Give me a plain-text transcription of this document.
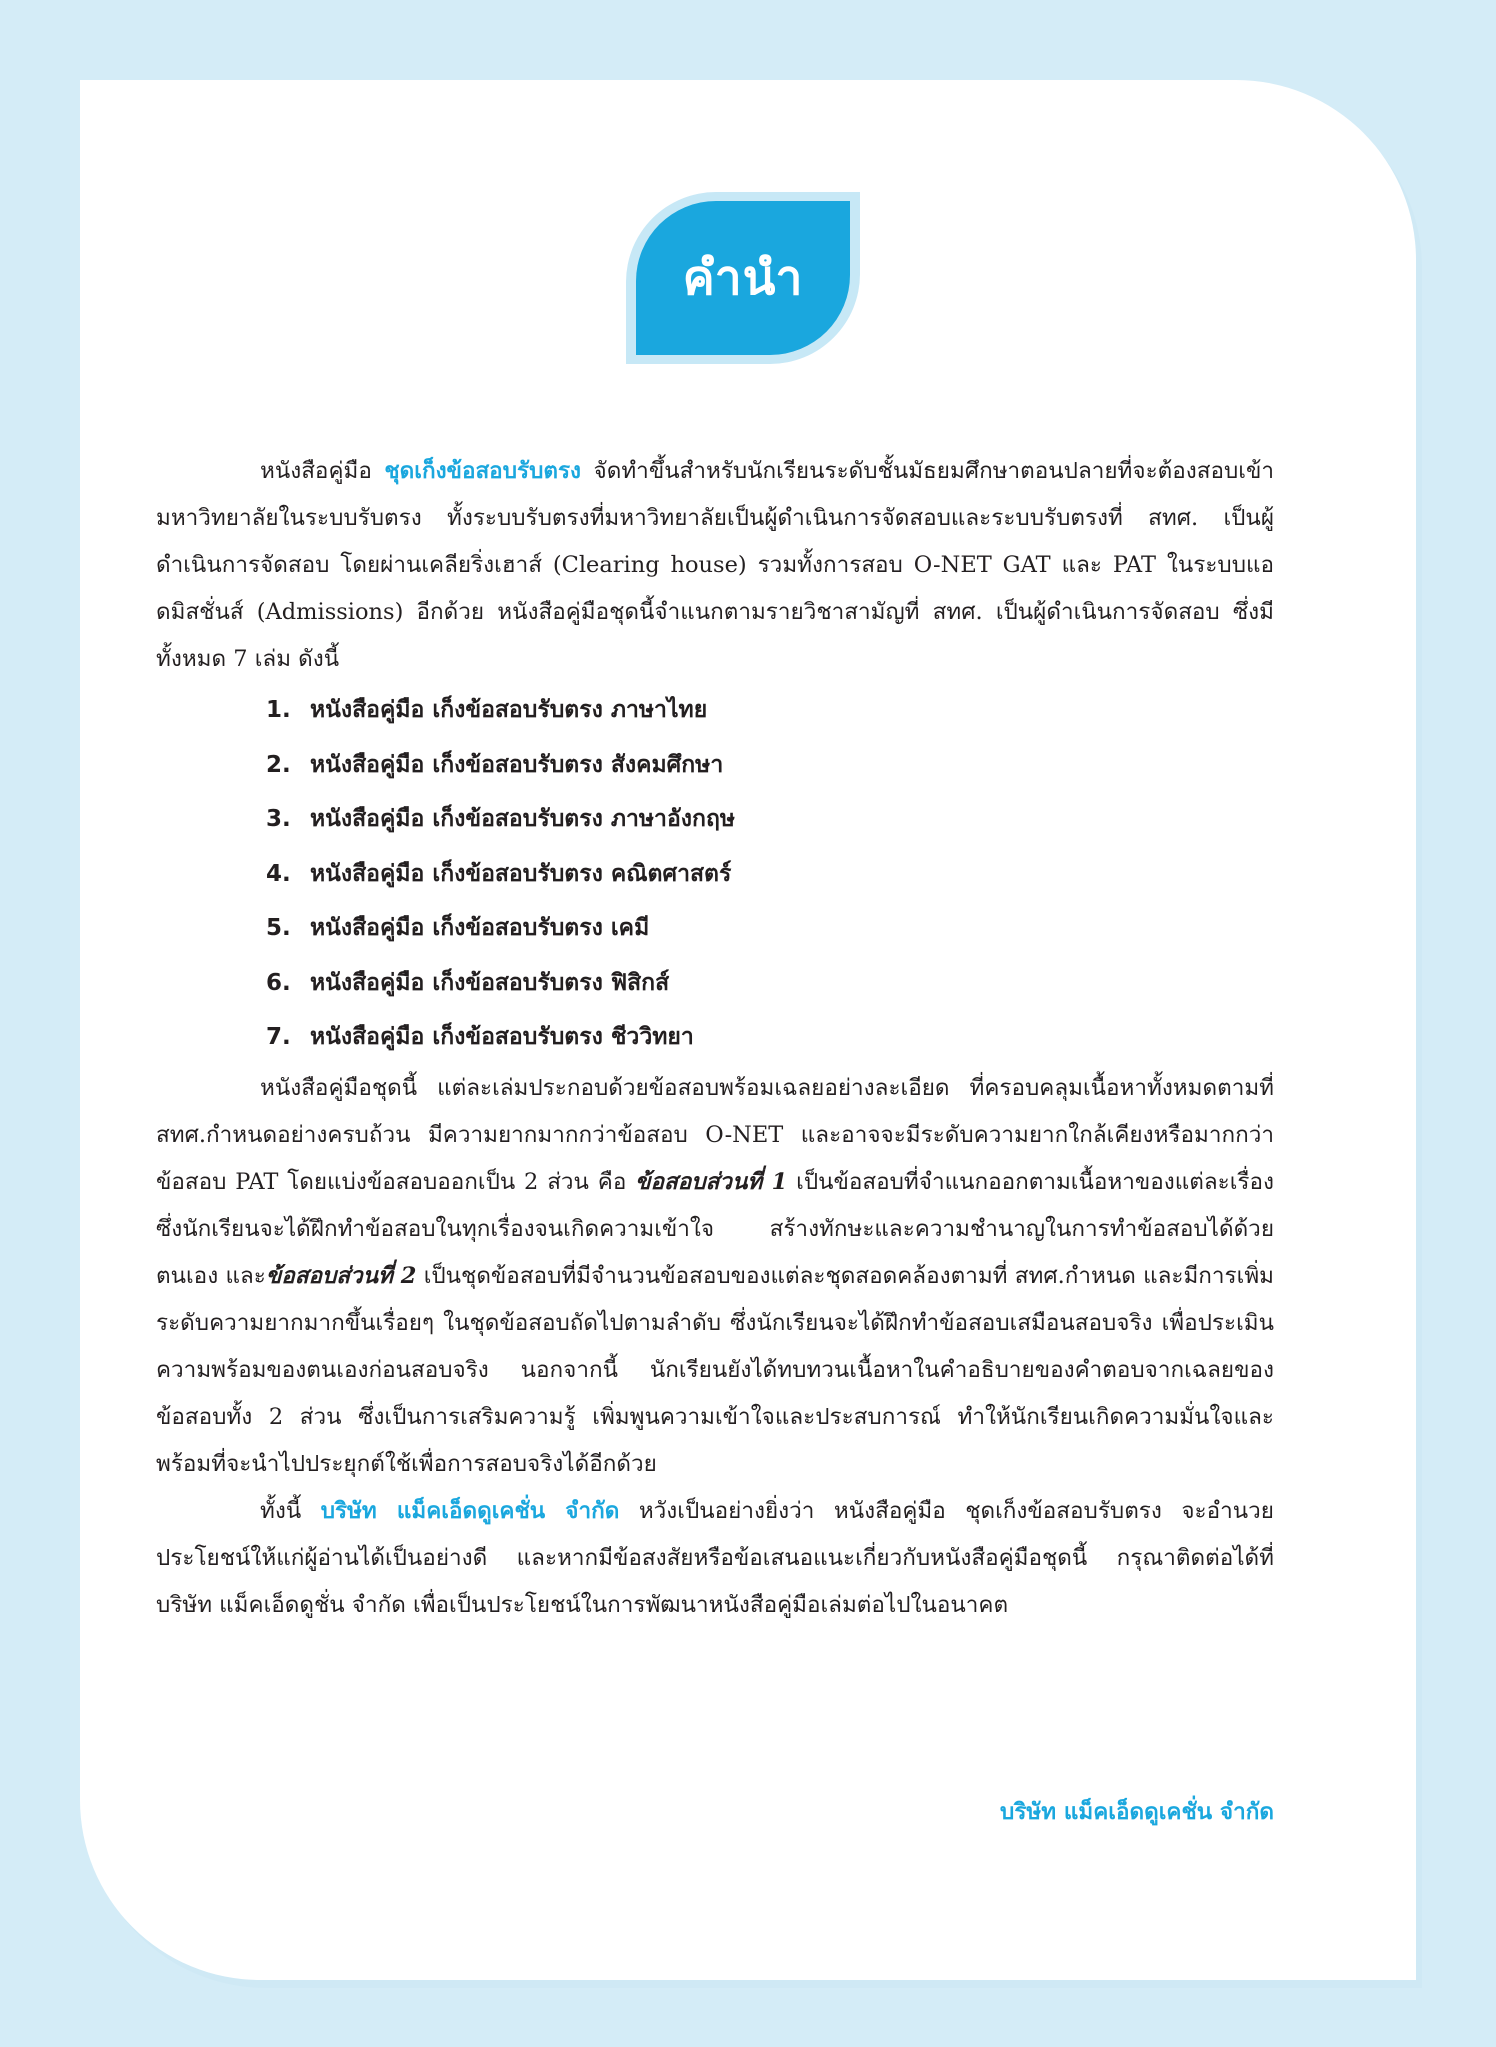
คำนำ

หนังสือคู่มือ ชุดเก็งข้อสอบรับตรง จัดทำขึ้นสำหรับนักเรียนระดับชั้นมัธยมศึกษาตอนปลายที่จะต้องสอบเข้ามหาวิทยาลัยในระบบรับตรง ทั้งระบบรับตรงที่มหาวิทยาลัยเป็นผู้ดำเนินการจัดสอบและระบบรับตรงที่ สทศ. เป็นผู้ดำเนินการจัดสอบ โดยผ่านเคลียริ่งเฮาส์ (Clearing house) รวมทั้งการสอบ O-NET GAT และ PAT ในระบบแอดมิสชั่นส์ (Admissions) อีกด้วย หนังสือคู่มือชุดนี้จำแนกตามรายวิชาสามัญที่ สทศ. เป็นผู้ดำเนินการจัดสอบ ซึ่งมีทั้งหมด 7 เล่ม ดังนี้

1. หนังสือคู่มือ เก็งข้อสอบรับตรง ภาษาไทย
2. หนังสือคู่มือ เก็งข้อสอบรับตรง สังคมศึกษา
3. หนังสือคู่มือ เก็งข้อสอบรับตรง ภาษาอังกฤษ
4. หนังสือคู่มือ เก็งข้อสอบรับตรง คณิตศาสตร์
5. หนังสือคู่มือ เก็งข้อสอบรับตรง เคมี
6. หนังสือคู่มือ เก็งข้อสอบรับตรง ฟิสิกส์
7. หนังสือคู่มือ เก็งข้อสอบรับตรง ชีววิทยา

หนังสือคู่มือชุดนี้ แต่ละเล่มประกอบด้วยข้อสอบพร้อมเฉลยอย่างละเอียด ที่ครอบคลุมเนื้อหาทั้งหมดตามที่ สทศ.กำหนดอย่างครบถ้วน มีความยากมากกว่าข้อสอบ O-NET และอาจจะมีระดับความยากใกล้เคียงหรือมากกว่าข้อสอบ PAT โดยแบ่งข้อสอบออกเป็น 2 ส่วน คือ ข้อสอบส่วนที่ 1 เป็นข้อสอบที่จำแนกออกตามเนื้อหาของแต่ละเรื่อง ซึ่งนักเรียนจะได้ฝึกทำข้อสอบในทุกเรื่องจนเกิดความเข้าใจ สร้างทักษะและความชำนาญในการทำข้อสอบได้ด้วยตนเอง และข้อสอบส่วนที่ 2 เป็นชุดข้อสอบที่มีจำนวนข้อสอบของแต่ละชุดสอดคล้องตามที่ สทศ.กำหนด และมีการเพิ่มระดับความยากมากขึ้นเรื่อยๆ ในชุดข้อสอบถัดไปตามลำดับ ซึ่งนักเรียนจะได้ฝึกทำข้อสอบเสมือนสอบจริง เพื่อประเมินความพร้อมของตนเองก่อนสอบจริง นอกจากนี้ นักเรียนยังได้ทบทวนเนื้อหาในคำอธิบายของคำตอบจากเฉลยของข้อสอบทั้ง 2 ส่วน ซึ่งเป็นการเสริมความรู้ เพิ่มพูนความเข้าใจและประสบการณ์ ทำให้นักเรียนเกิดความมั่นใจและพร้อมที่จะนำไปประยุกต์ใช้เพื่อการสอบจริงได้อีกด้วย

ทั้งนี้ บริษัท แม็คเอ็ดดูเคชั่น จำกัด หวังเป็นอย่างยิ่งว่า หนังสือคู่มือ ชุดเก็งข้อสอบรับตรง จะอำนวยประโยชน์ให้แก่ผู้อ่านได้เป็นอย่างดี และหากมีข้อสงสัยหรือข้อเสนอแนะเกี่ยวกับหนังสือคู่มือชุดนี้ กรุณาติดต่อได้ที่ บริษัท แม็คเอ็ดดูชั่น จำกัด เพื่อเป็นประโยชน์ในการพัฒนาหนังสือคู่มือเล่มต่อไปในอนาคต

บริษัท แม็คเอ็ดดูเคชั่น จำกัด
